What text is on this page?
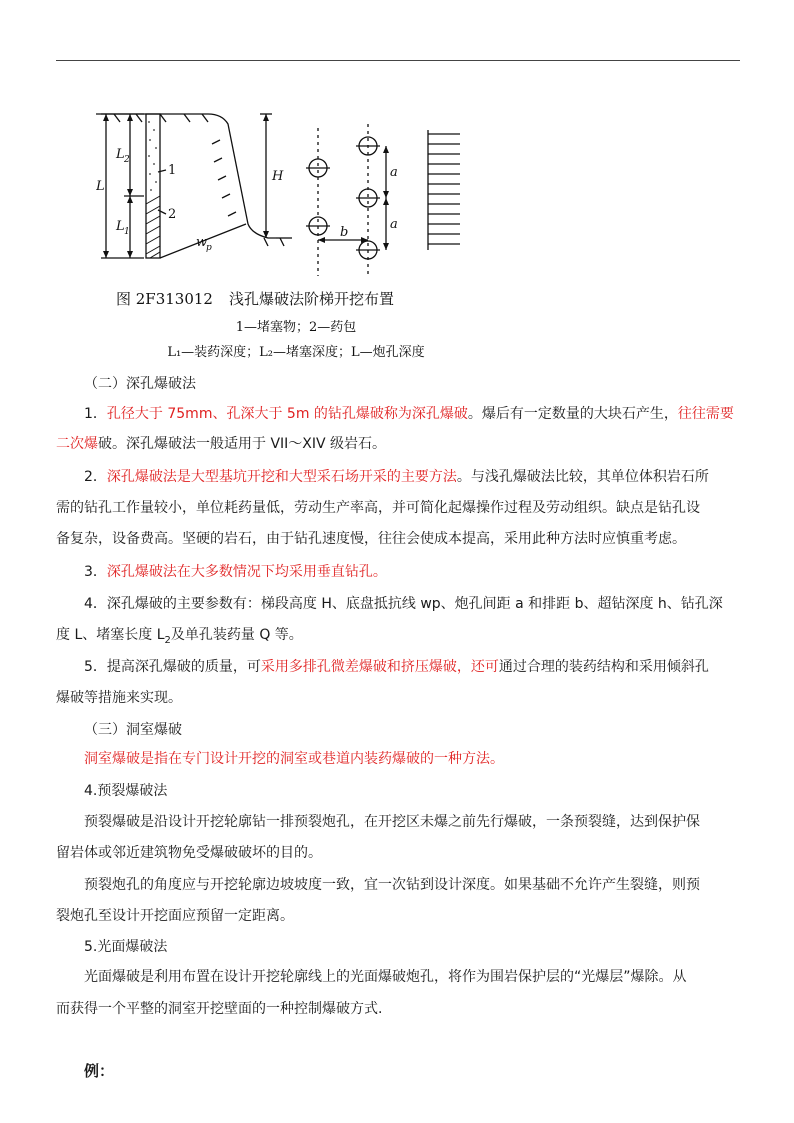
L
L 2
L 1
1
2
H
w
p
a
a
b
图 2F313012 浅孔爆破法阶梯开挖布置
1—堵塞物；2—药包
L₁—装药深度；L₂—堵塞深度；L—炮孔深度
（二）深孔爆破法
1．孔径大于 75mm、孔深大于 5m 的钻孔爆破称为深孔爆破。爆后有一定数量的大块石产生，往往需要
二次爆破。深孔爆破法一般适用于 VII～XIV 级岩石。
2．深孔爆破法是大型基坑开挖和大型采石场开采的主要方法。与浅孔爆破法比较，其单位体积岩石所
需的钻孔工作量较小，单位耗药量低，劳动生产率高，并可简化起爆操作过程及劳动组织。缺点是钻孔设
备复杂，设备费高。坚硬的岩石，由于钻孔速度慢，往往会使成本提高，采用此种方法时应慎重考虑。
3．深孔爆破法在大多数情况下均采用垂直钻孔。
4．深孔爆破的主要参数有：梯段高度 H、底盘抵抗线 wp、炮孔间距 a 和排距 b、超钻深度 h、钻孔深
度 L、堵塞长度 $L_2$及单孔装药量 Q 等。
5．提高深孔爆破的质量，可采用多排孔微差爆破和挤压爆破，还可通过合理的装药结构和采用倾斜孔
爆破等措施来实现。
（三）洞室爆破
洞室爆破是指在专门设计开挖的洞室或巷道内装药爆破的一种方法。
4.预裂爆破法
预裂爆破是沿设计开挖轮廓钻一排预裂炮孔，在开挖区未爆之前先行爆破，一条预裂缝，达到保护保
留岩体或邻近建筑物免受爆破破坏的目的。
预裂炮孔的角度应与开挖轮廓边坡坡度一致，宜一次钻到设计深度。如果基础不允许产生裂缝，则预
裂炮孔至设计开挖面应预留一定距离。
5.光面爆破法
光面爆破是利用布置在设计开挖轮廓线上的光面爆破炮孔，将作为围岩保护层的“光爆层”爆除。从
而获得一个平整的洞室开挖壁面的一种控制爆破方式.
例：
